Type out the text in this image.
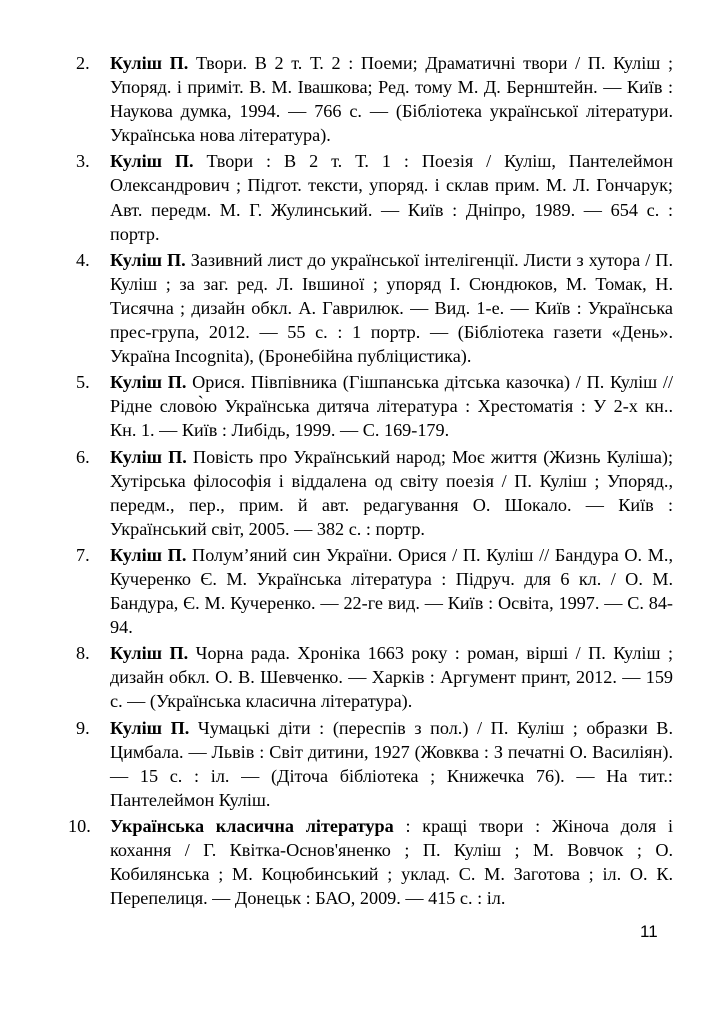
2. Куліш П. Твори. В 2 т. Т. 2 : Поеми; Драматичні твори / П. Куліш ; Упоряд. і приміт. В. М. Івашкова; Ред. тому М. Д. Бернштейн. — Київ : Наукова думка, 1994. — 766 с. — (Бібліотека української літератури. Українська нова література).
3. Куліш П. Твори : В 2 т. Т. 1 : Поезія / Куліш, Пантелеймон Олександрович ; Підгот. тексти, упоряд. і склав прим. М. Л. Гончарук; Авт. передм. М. Г. Жулинський. — Київ : Дніпро, 1989. — 654 с. : портр.
4. Куліш П. Зазивний лист до української інтелігенції. Листи з хутора / П. Куліш ; за заг. ред. Л. Івшиної ; упоряд І. Сюндюков, М. Томак, Н. Тисячна ; дизайн обкл. А. Гаврилюк. — Вид. 1-е. — Київ : Українська прес-група, 2012. — 55 с. : 1 портр. — (Бібліотека газети «День». Україна Incognita), (Бронебійна публіцистика).
5. Куліш П. Орися. Півпівника (Гішпанська дітська казочка) / П. Куліш // Рідне слово̀ю Українська дитяча література : Хрестоматія : У 2-х кн.. Кн. 1. — Київ : Либідь, 1999. — С. 169-179.
6. Куліш П. Повість про Український народ; Моє життя (Жизнь Куліша); Хутірська філософія і віддалена од світу поезія / П. Куліш ; Упоряд., передм., пер., прим. й авт. редагування О. Шокало. — Київ : Український світ, 2005. — 382 с. : портр.
7. Куліш П. Полум’яний син України. Орися / П. Куліш // Бандура О. М., Кучеренко Є. М. Українська література : Підруч. для 6 кл. / О. М. Бандура, Є. М. Кучеренко. — 22-ге вид. — Київ : Освіта, 1997. — С. 84-94.
8. Куліш П. Чорна рада. Хроніка 1663 року : роман, вірші / П. Куліш ; дизайн обкл. О. В. Шевченко. — Харків : Аргумент принт, 2012. — 159 с. — (Українська класична література).
9. Куліш П. Чумацькі діти : (переспів з пол.) / П. Куліш ; образки В. Цимбала. — Львів : Світ дитини, 1927 (Жовква : З печатні О. Василіян). — 15 с. : іл. — (Діточа бібліотека ; Книжечка 76). — На тит.: Пантелеймон Куліш.
10. Українська класична література : кращі твори : Жіноча доля і кохання / Г. Квітка-Основ'яненко ; П. Куліш ; М. Вовчок ; О. Кобилянська ; М. Коцюбинський ; уклад. С. М. Заготова ; іл. О. К. Перепелиця. — Донецьк : БАО, 2009. — 415 с. : іл.
11
